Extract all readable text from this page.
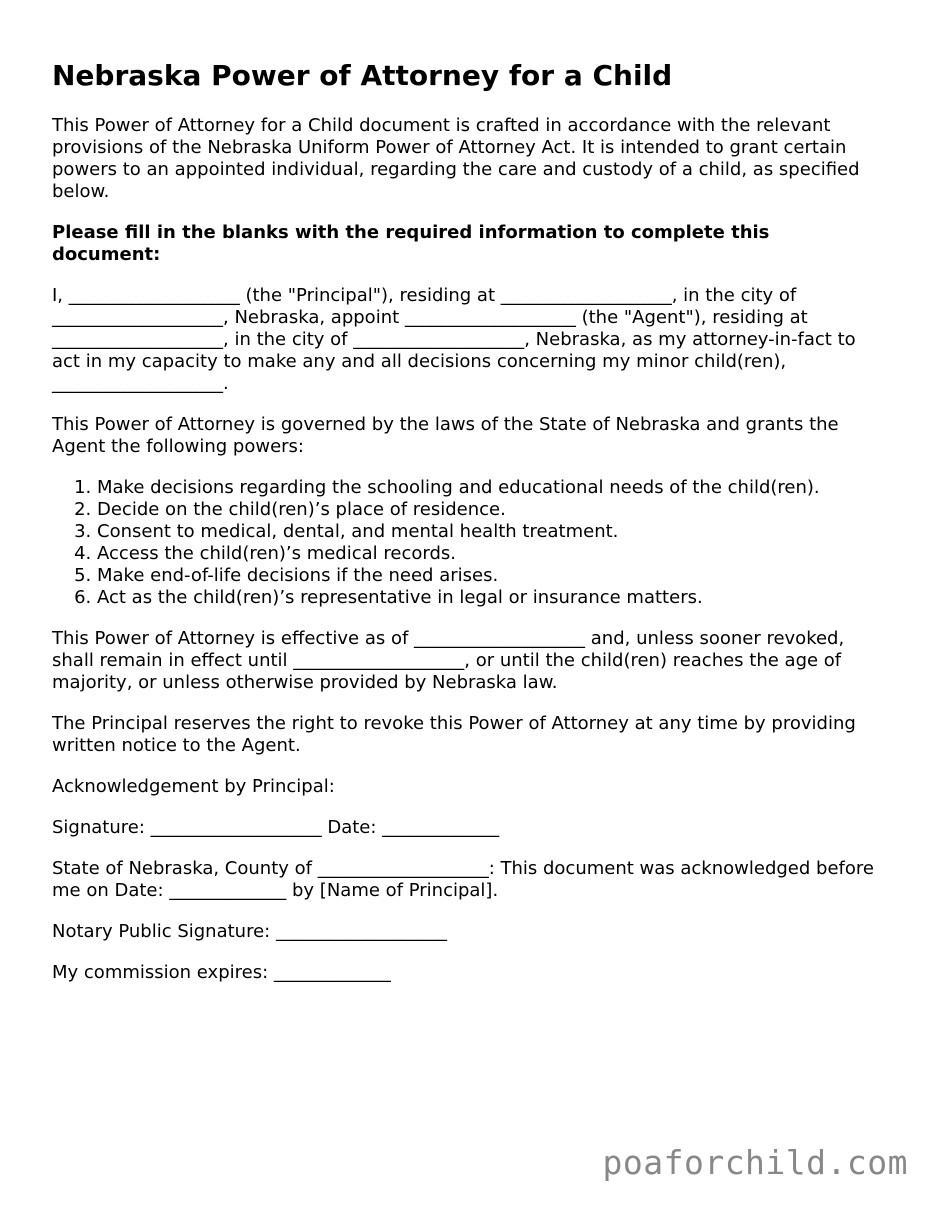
Nebraska Power of Attorney for a Child

This Power of Attorney for a Child document is crafted in accordance with the relevant provisions of the Nebraska Uniform Power of Attorney Act. It is intended to grant certain powers to an appointed individual, regarding the care and custody of a child, as specified below.

Please fill in the blanks with the required information to complete this document:

I, ___________________ (the "Principal"), residing at ___________________, in the city of ___________________, Nebraska, appoint ___________________ (the "Agent"), residing at ___________________, in the city of ___________________, Nebraska, as my attorney-in-fact to act in my capacity to make any and all decisions concerning my minor child(ren), ___________________.

This Power of Attorney is governed by the laws of the State of Nebraska and grants the Agent the following powers:

1. Make decisions regarding the schooling and educational needs of the child(ren).
2. Decide on the child(ren)’s place of residence.
3. Consent to medical, dental, and mental health treatment.
4. Access the child(ren)’s medical records.
5. Make end-of-life decisions if the need arises.
6. Act as the child(ren)’s representative in legal or insurance matters.

This Power of Attorney is effective as of ___________________ and, unless sooner revoked, shall remain in effect until ___________________, or until the child(ren) reaches the age of majority, or unless otherwise provided by Nebraska law.

The Principal reserves the right to revoke this Power of Attorney at any time by providing written notice to the Agent.

Acknowledgement by Principal:

Signature: ___________________ Date: _____________

State of Nebraska, County of ___________________: This document was acknowledged before me on Date: _____________ by [Name of Principal].

Notary Public Signature: ___________________

My commission expires: _____________

poaforchild.com
